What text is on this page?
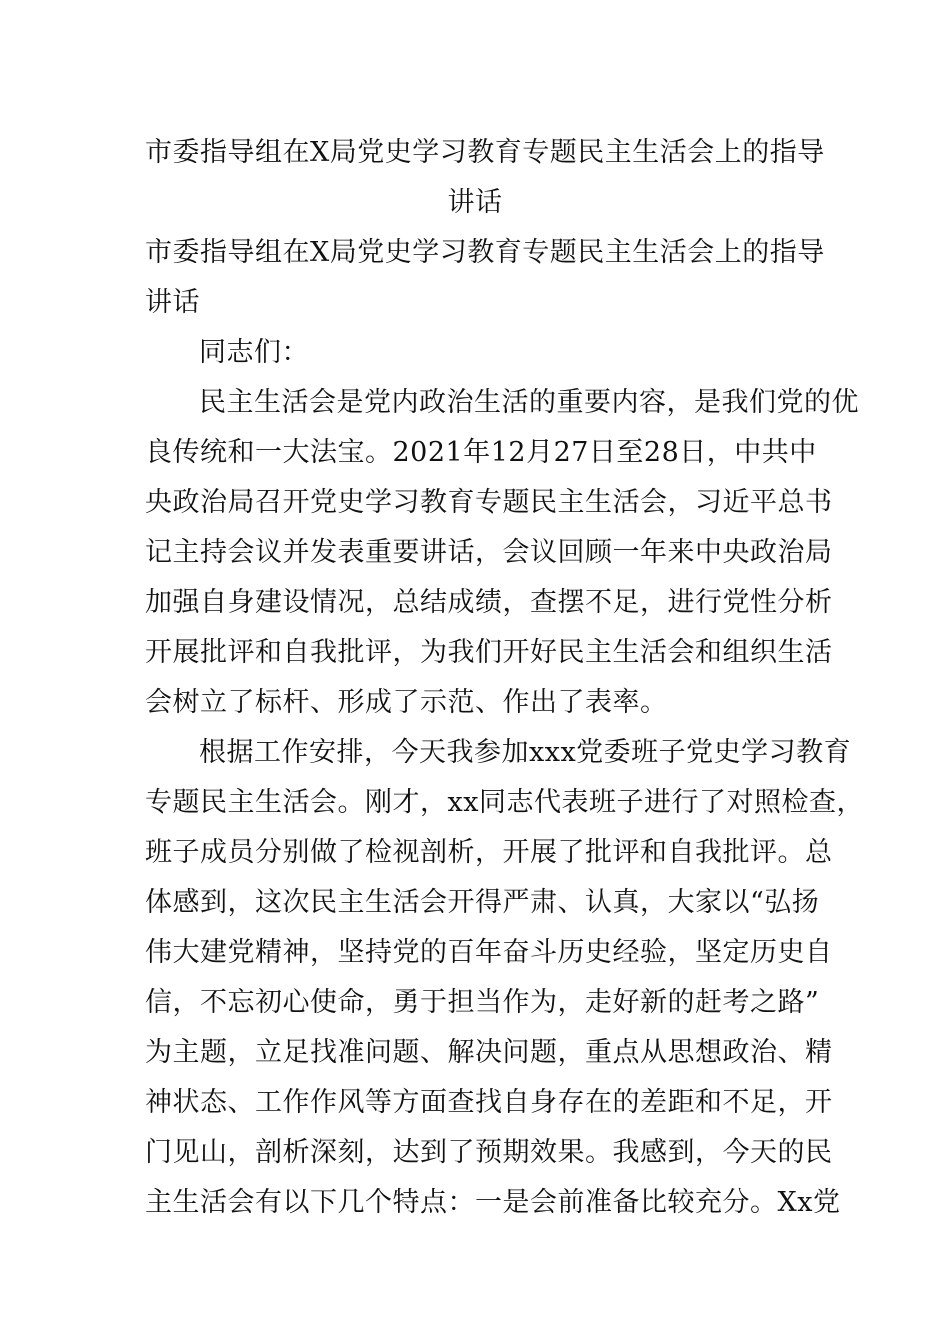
市委指导组在X局党史学习教育专题民主生活会上的指导
讲话

市委指导组在X局党史学习教育专题民主生活会上的指导
讲话

同志们：

民主生活会是党内政治生活的重要内容，是我们党的优
良传统和一大法宝。2021年12月27日至28日，中共中
央政治局召开党史学习教育专题民主生活会，习近平总书
记主持会议并发表重要讲话，会议回顾一年来中央政治局
加强自身建设情况，总结成绩，查摆不足，进行党性分析
开展批评和自我批评，为我们开好民主生活会和组织生活
会树立了标杆、形成了示范、作出了表率。

根据工作安排，今天我参加xxx党委班子党史学习教育
专题民主生活会。刚才，xx同志代表班子进行了对照检查，
班子成员分别做了检视剖析，开展了批评和自我批评。总
体感到，这次民主生活会开得严肃、认真，大家以“弘扬
伟大建党精神，坚持党的百年奋斗历史经验，坚定历史自
信，不忘初心使命，勇于担当作为，走好新的赶考之路”
为主题，立足找准问题、解决问题，重点从思想政治、精
神状态、工作作风等方面查找自身存在的差距和不足，开
门见山，剖析深刻，达到了预期效果。我感到，今天的民
主生活会有以下几个特点：一是会前准备比较充分。Xx党
